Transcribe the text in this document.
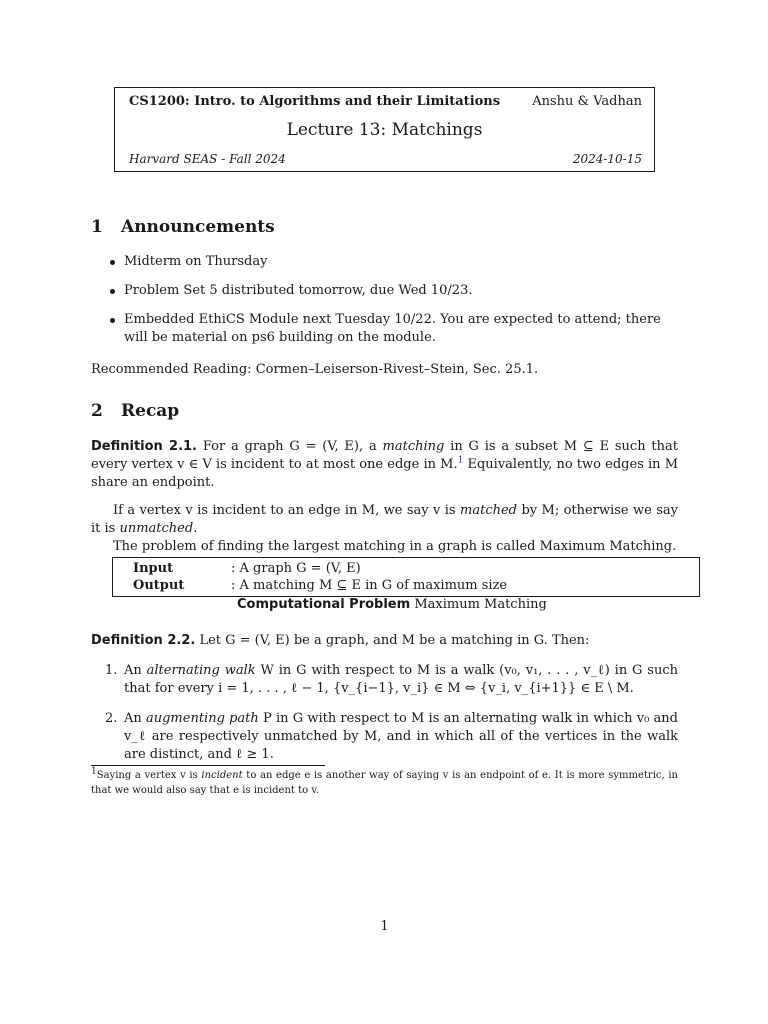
CS1200: Intro. to Algorithms and their Limitations Anshu & Vadhan
Lecture 13: Matchings
Harvard SEAS - Fall 2024	2024-10-15
1 Announcements
Midterm on Thursday
Problem Set 5 distributed tomorrow, due Wed 10/23.
Embedded EthiCS Module next Tuesday 10/22. You are expected to attend; there will be material on ps6 building on the module.

Recommended Reading: Cormen–Leiserson-Rivest–Stein, Sec. 25.1.

2 Recap

Definition 2.1. For a graph G = (V, E), a matching in G is a subset M ⊆ E such that every vertex v ∈ V is incident to at most one edge in M.$^1$ Equivalently, no two edges in M share an endpoint.

If a vertex v is incident to an edge in M, we say v is matched by M; otherwise we say it is unmatched.

The problem of finding the largest matching in a graph is called Maximum Matching.

Input	: A graph G = (V, E)
Output	: A matching M ⊆ E in G of maximum size
Computational Problem Maximum Matching

Definition 2.2. Let G = (V, E) be a graph, and M be a matching in G. Then:

1. An alternating walk W in G with respect to M is a walk (v₀, v₁, . . . , v_ℓ) in G such that for every i = 1, . . . , ℓ − 1, {v_{i−1}, v_i} ∈ M ⇔ {v_i, v_{i+1}} ∈ E \ M.
2. An augmenting path P in G with respect to M is an alternating walk in which v₀ and v_ℓ are respectively unmatched by M, and in which all of the vertices in the walk are distinct, and ℓ ≥ 1.
$^1$Saying a vertex v is incident to an edge e is another way of saying v is an endpoint of e. It is more symmetric, in that we would also say that e is incident to v.
1
